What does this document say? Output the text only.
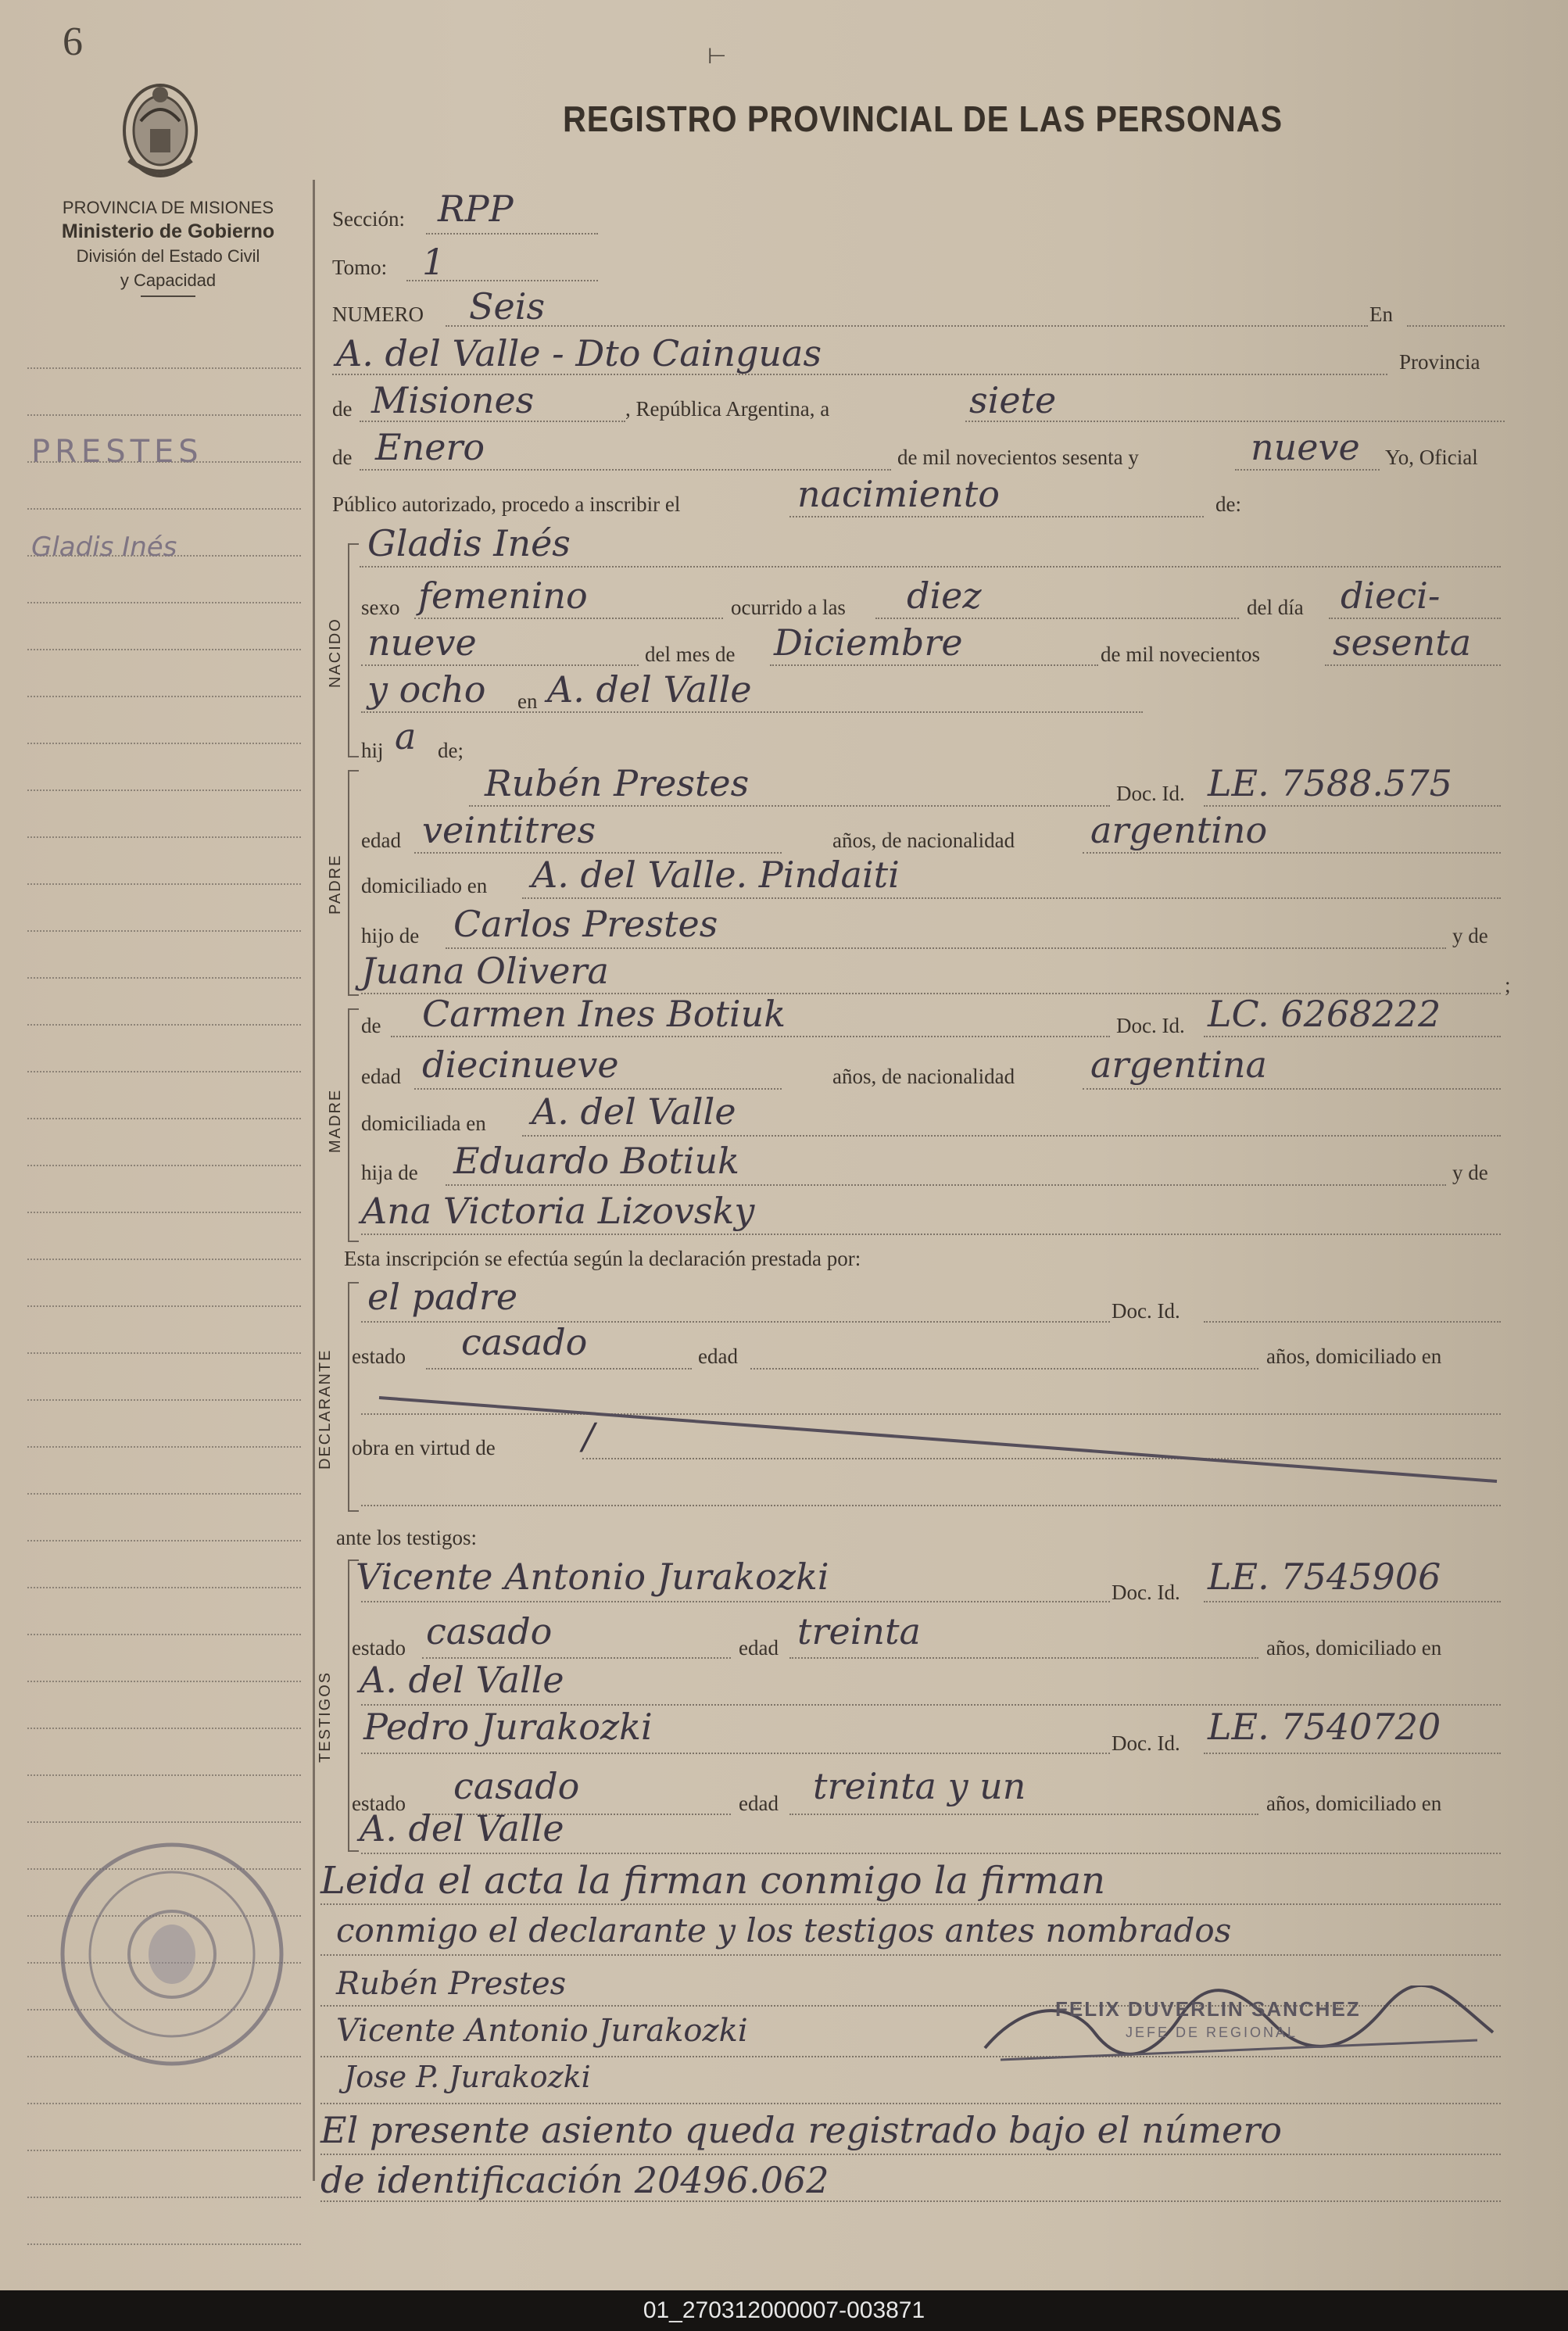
6	⊢
REGISTRO PROVINCIAL DE LAS PERSONAS
PROVINCIA DE MISIONES
Ministerio de Gobierno
División del Estado Civil
y Capacidad
PRESTES
Gladis Inés
Sección: RPP
Tomo: 1
NUMERO Seis	En
A. del Valle - Dto Cainguas	Provincia
de Misiones	, República Argentina, a	siete
de Enero	de mil novecientos sesenta y	nueve Yo, Oficial
Público autorizado, procedo a inscribir el	nacimiento	de:
NACIDO
Gladis Inés
sexo femenino	ocurrido a las diez	del día dieci-
nueve	del mes de Diciembre	de mil novecientos sesenta
y ocho en A. del Valle
hij a de;
PADRE
Rubén Prestes	Doc. Id. LE. 7588.575
edad veintitres	años, de nacionalidad argentino
domiciliado en A. del Valle. Pindaiti
hijo de Carlos Prestes	y de
Juana Olivera	;
MADRE
de Carmen Ines Botiuk	Doc. Id. LC. 6268222
edad diecinueve	años, de nacionalidad argentina
domiciliada en A. del Valle
hija de Eduardo Botiuk	y de
Ana Victoria Lizovsky
Esta inscripción se efectúa según la declaración prestada por:
DECLARANTE
el padre	Doc. Id.
estado casado	edad	años, domiciliado en
obra en virtud de /
ante los testigos:
TESTIGOS
Vicente Antonio Jurakozki	Doc. Id. LE. 7545906
estado casado	edad treinta	años, domiciliado en
A. del Valle
Pedro Jurakozki	Doc. Id. LE. 7540720
estado casado	edad treinta y un	años, domiciliado en
A. del Valle
Leida el acta la firman conmigo la firman
conmigo el declarante y los testigos antes nombrados
Rubén Prestes
Vicente Antonio Jurakozki
Jose P. Jurakozki
El presente asiento queda registrado bajo el número
de identificación 20496.062
FELIX DUVERLIN SANCHEZ
JEFE DE REGIONAL
01_270312000007-003871
